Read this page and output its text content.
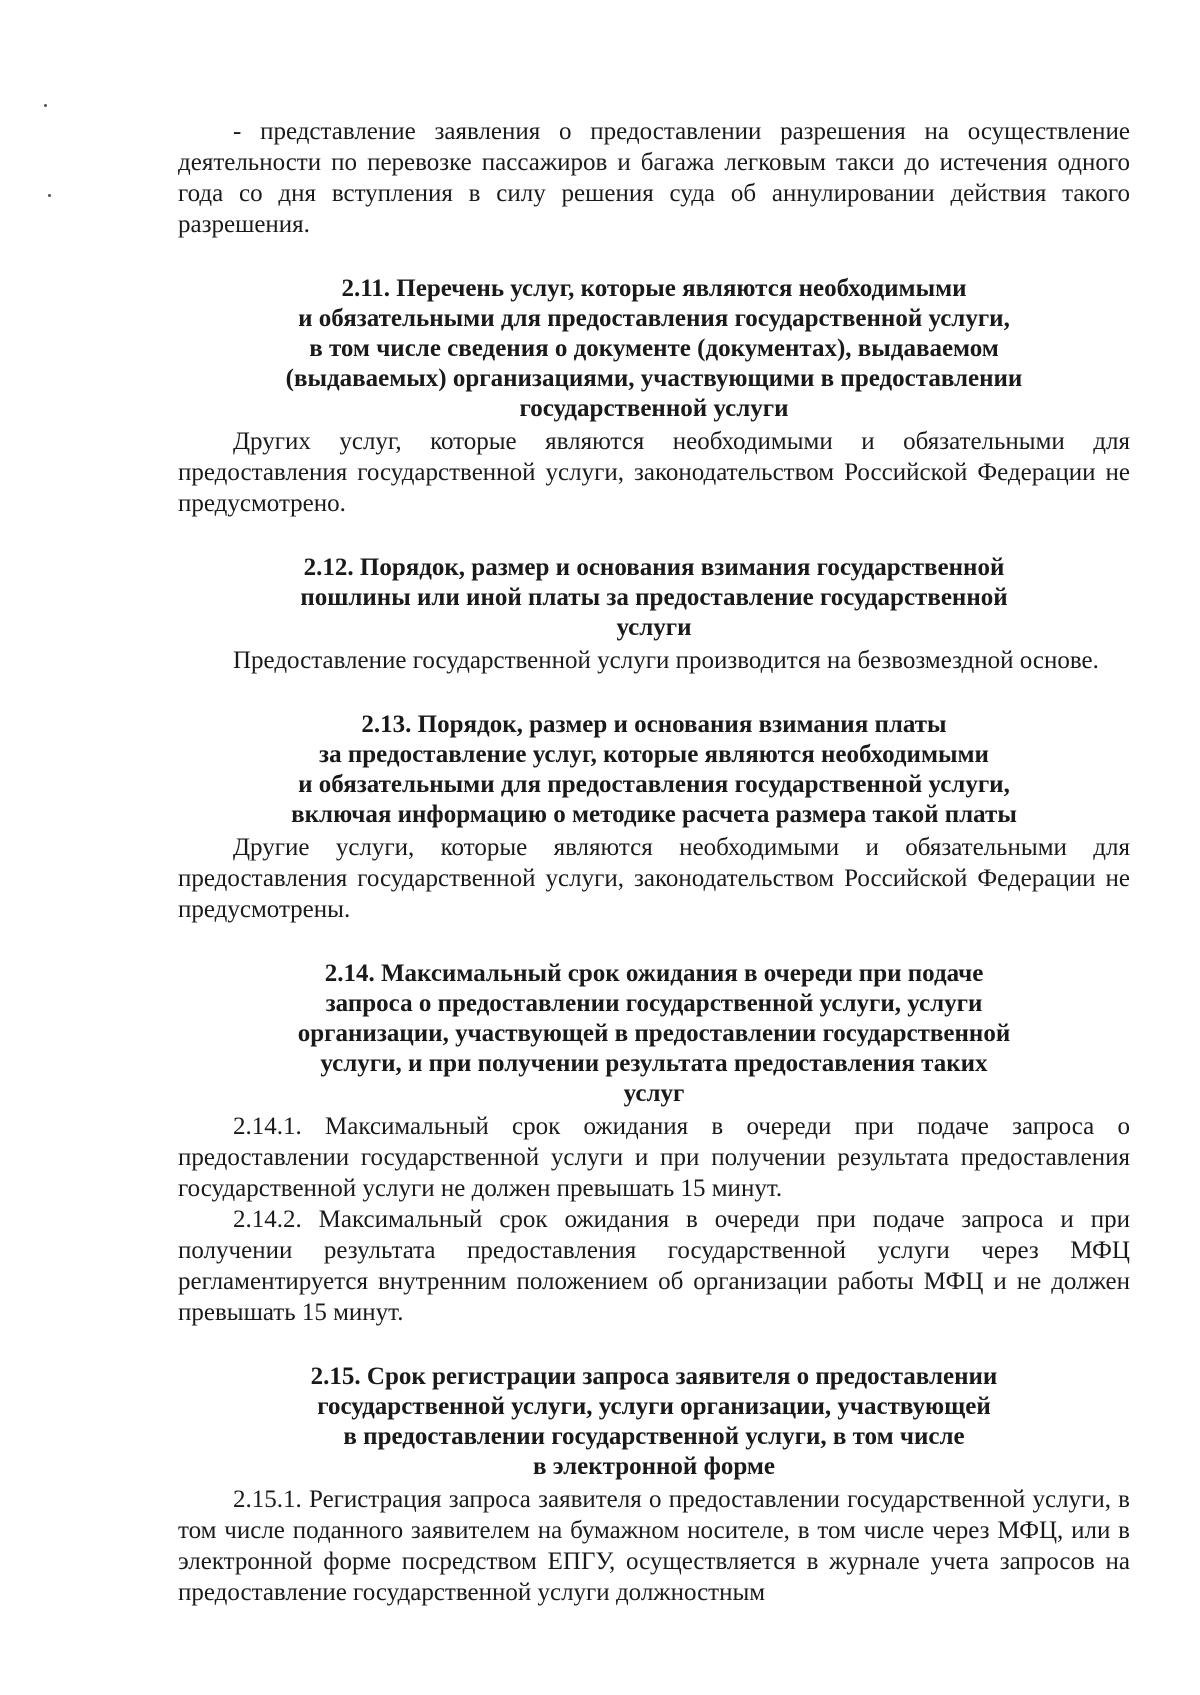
- представление заявления о предоставлении разрешения на осуществление деятельности по перевозке пассажиров и багажа легковым такси до истечения одного года со дня вступления в силу решения суда об аннулировании действия такого разрешения.

2.11. Перечень услуг, которые являются необходимыми
и обязательными для предоставления государственной услуги,
в том числе сведения о документе (документах), выдаваемом
(выдаваемых) организациями, участвующими в предоставлении
государственной услуги

Других услуг, которые являются необходимыми и обязательными для предоставления государственной услуги, законодательством Российской Федерации не предусмотрено.

2.12. Порядок, размер и основания взимания государственной
пошлины или иной платы за предоставление государственной
услуги

Предоставление государственной услуги производится на безвозмездной основе.

2.13. Порядок, размер и основания взимания платы
за предоставление услуг, которые являются необходимыми
и обязательными для предоставления государственной услуги,
включая информацию о методике расчета размера такой платы

Другие услуги, которые являются необходимыми и обязательными для предоставления государственной услуги, законодательством Российской Федерации не предусмотрены.

2.14. Максимальный срок ожидания в очереди при подаче
запроса о предоставлении государственной услуги, услуги
организации, участвующей в предоставлении государственной
услуги, и при получении результата предоставления таких
услуг

2.14.1. Максимальный срок ожидания в очереди при подаче запроса о предоставлении государственной услуги и при получении результата предоставления государственной услуги не должен превышать 15 минут.

2.14.2. Максимальный срок ожидания в очереди при подаче запроса и при получении результата предоставления государственной услуги через МФЦ регламентируется внутренним положением об организации работы МФЦ и не должен превышать 15 минут.

2.15. Срок регистрации запроса заявителя о предоставлении
государственной услуги, услуги организации, участвующей
в предоставлении государственной услуги, в том числе
в электронной форме

2.15.1. Регистрация запроса заявителя о предоставлении государственной услуги, в том числе поданного заявителем на бумажном носителе, в том числе через МФЦ, или в электронной форме посредством ЕПГУ, осуществляется в журнале учета запросов на предоставление государственной услуги должностным
